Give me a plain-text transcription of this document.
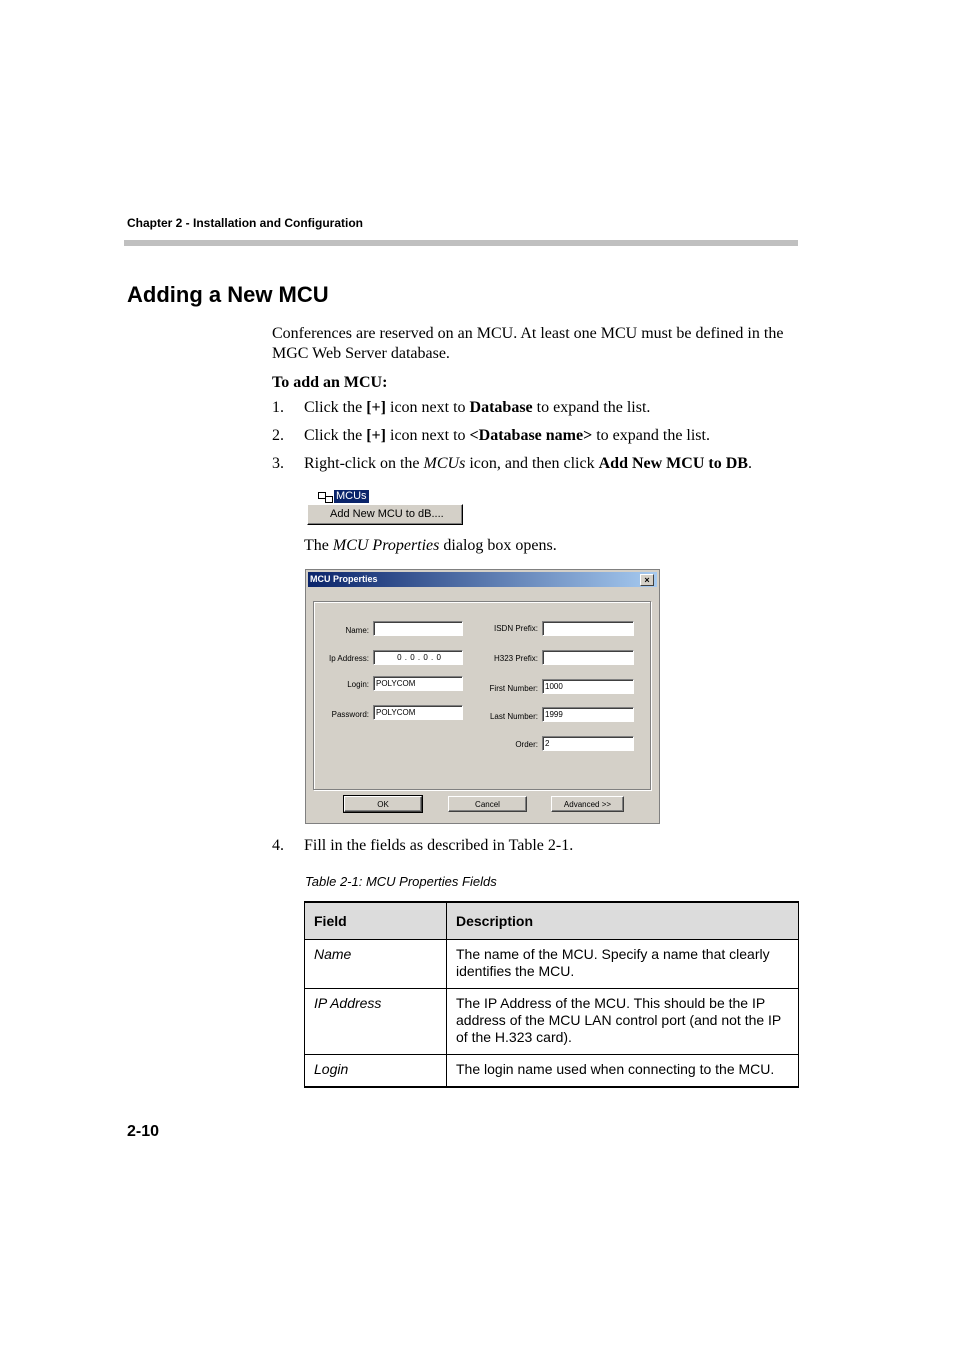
Chapter 2 - Installation and Configuration
Adding a New MCU
Conferences are reserved on an MCU. At least one MCU must be defined in the MGC Web Server database.
To add an MCU:
1. Click the [+] icon next to Database to expand the list.
2. Click the [+] icon next to <Database name> to expand the list.
3. Right-click on the MCUs icon, and then click Add New MCU to DB.
MCUs
Add New MCU to dB....
The MCU Properties dialog box opens.
MCU Properties	×
Name:
Ip Address:	0 . 0 . 0 . 0
Login: POLYCOM
Password: POLYCOM
ISDN Prefix:
H323 Prefix:
First Number: 1000
Last Number: 1999
Order: 2
OK	Cancel	Advanced >>
4. Fill in the fields as described in Table 2-1.
Table 2-1: MCU Properties Fields
Field	Description
Name	The name of the MCU. Specify a name that clearly identifies the MCU.
IP Address	The IP Address of the MCU. This should be the IP address of the MCU LAN control port (and not the IP of the H.323 card).
Login	The login name used when connecting to the MCU.
2-10
